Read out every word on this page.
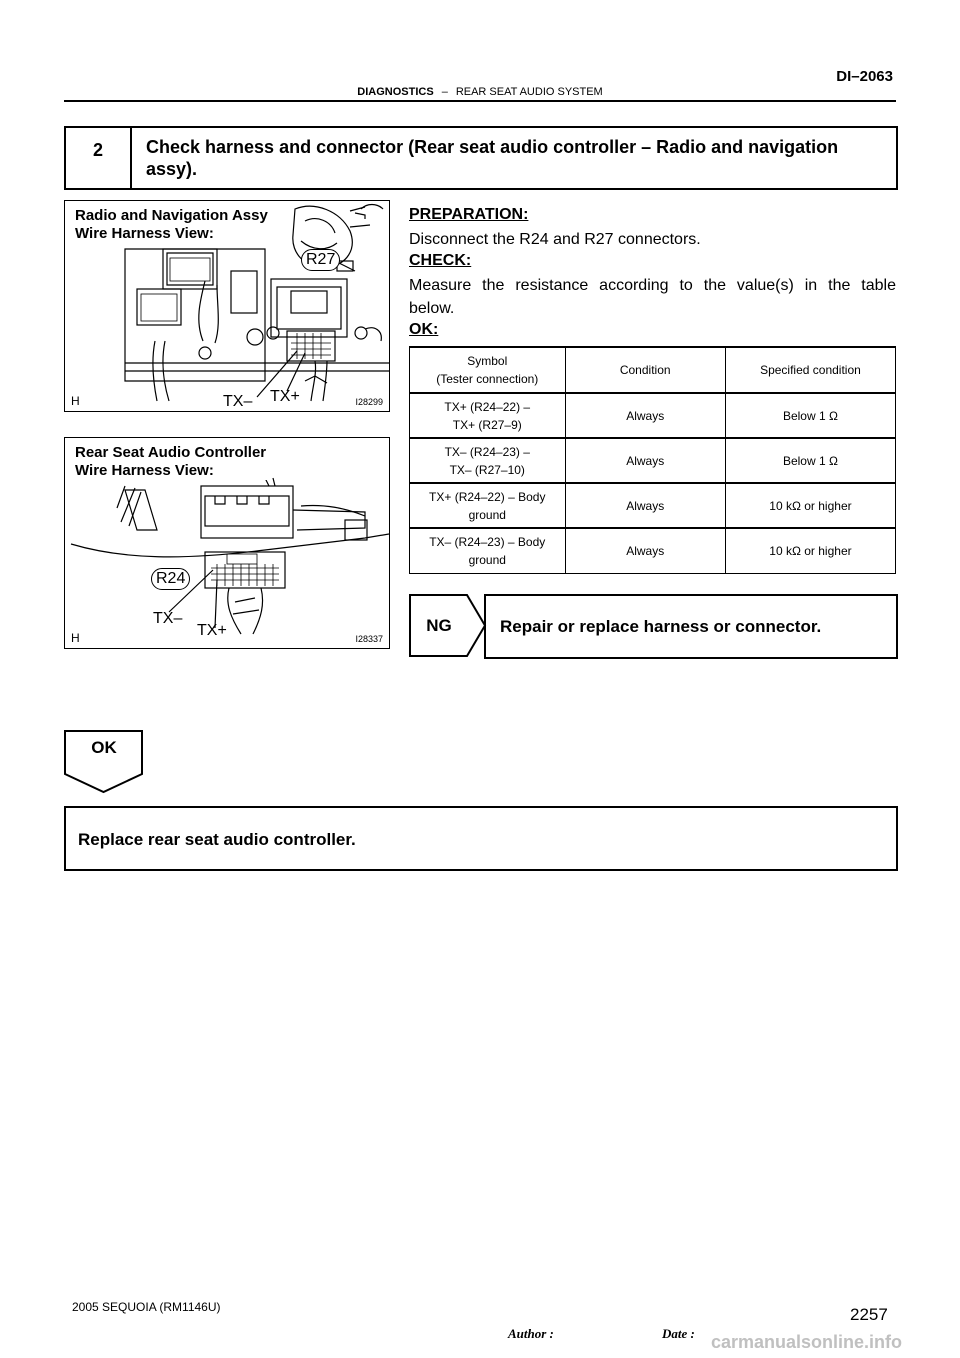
DI–2063
DIAGNOSTICS – REAR SEAT AUDIO SYSTEM
2	Check harness and connector (Rear seat audio controller – Radio and navigation assy).
Radio and Navigation Assy
Wire Harness View:
R27
TX– TX+
H	I28299
Rear Seat Audio Controller
Wire Harness View:
R24
TX–
TX+
H	I28337
PREPARATION:
Disconnect the R24 and R27 connectors.
CHECK:
Measure the resistance according to the value(s) in the table
below.
OK:
Symbol
(Tester connection)	Condition	Specified condition

TX+ (R24–22) –
TX+ (R27–9)	Always	Below 1 Ω

TX– (R24–23) –
TX– (R27–10)	Always	Below 1 Ω

TX+ (R24–22) – Body
ground	Always	10 kΩ or higher

TX– (R24–23) – Body
ground	Always	10 kΩ or higher
NG	Repair or replace harness or connector.
OK
Replace rear seat audio controller.
2005 SEQUOIA (RM1146U)	2257
Author :	Date : carmanualsonline.info
